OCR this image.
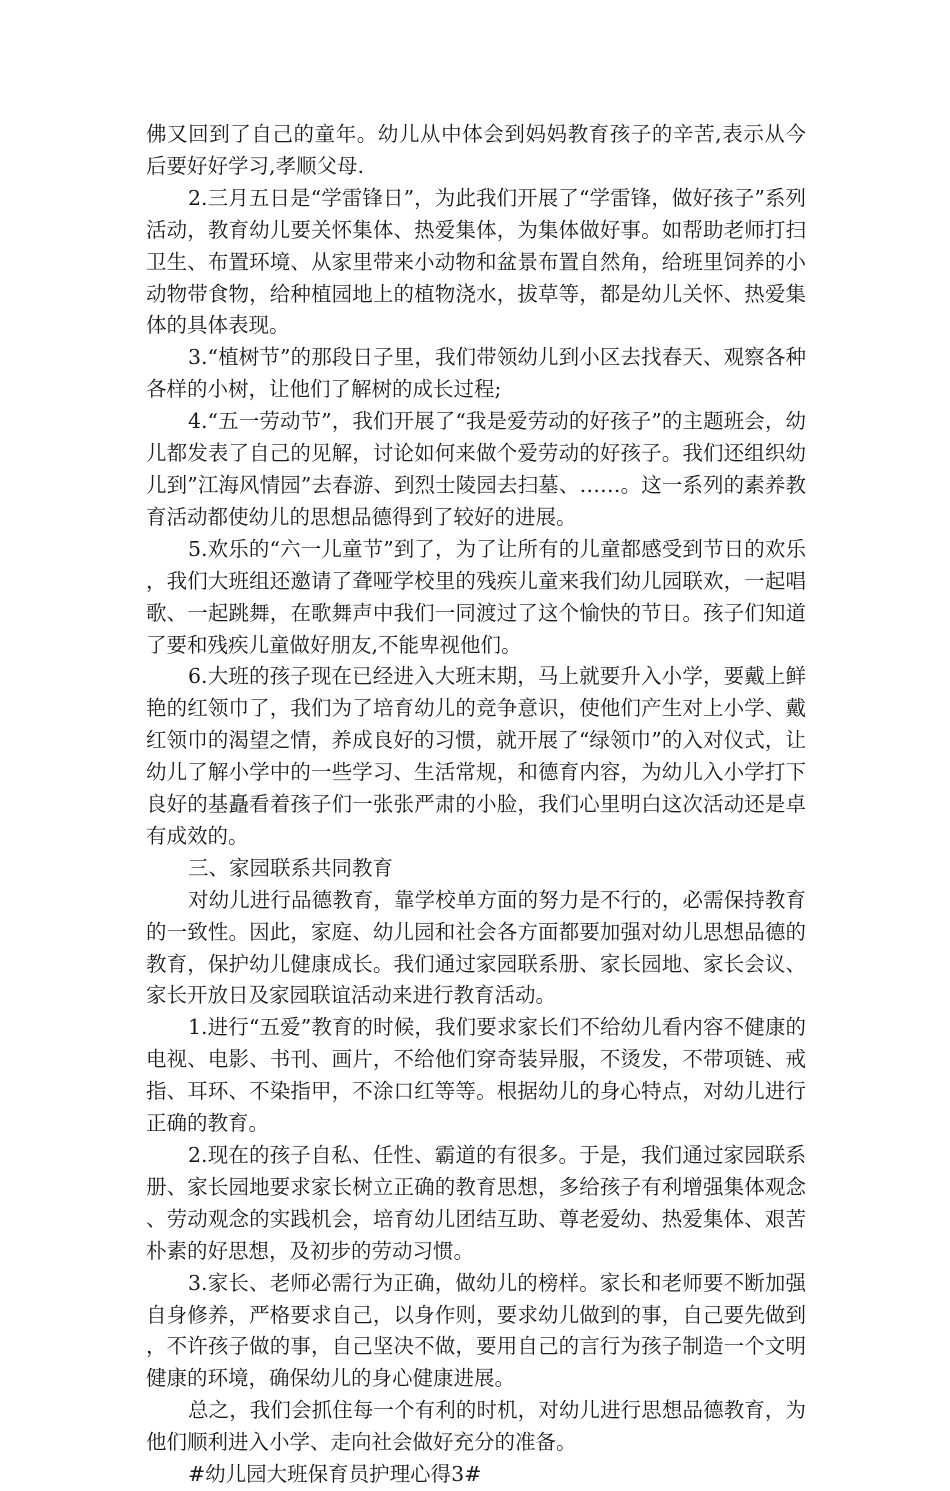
佛又回到了自己的童年。幼儿从中体会到妈妈教育孩子的辛苦,表示从今后要好好学习,孝顺父母.

2.三月五日是“学雷锋日”，为此我们开展了“学雷锋，做好孩子”系列活动，教育幼儿要关怀集体、热爱集体，为集体做好事。如帮助老师打扫卫生、布置环境、从家里带来小动物和盆景布置自然角，给班里饲养的小动物带食物，给种植园地上的植物浇水，拔草等，都是幼儿关怀、热爱集体的具体表现。

3.“植树节”的那段日子里，我们带领幼儿到小区去找春天、观察各种各样的小树，让他们了解树的成长过程;

4.“五一劳动节”，我们开展了“我是爱劳动的好孩子”的主题班会，幼儿都发表了自己的见解，讨论如何来做个爱劳动的好孩子。我们还组织幼儿到”江海风情园”去春游、到烈士陵园去扫墓、……。这一系列的素养教育活动都使幼儿的思想品德得到了较好的进展。

5.欢乐的“六一儿童节”到了，为了让所有的儿童都感受到节日的欢乐，我们大班组还邀请了聋哑学校里的残疾儿童来我们幼儿园联欢，一起唱歌、一起跳舞，在歌舞声中我们一同渡过了这个愉快的节日。孩子们知道了要和残疾儿童做好朋友,不能卑视他们。

6.大班的孩子现在已经进入大班末期，马上就要升入小学，要戴上鲜艳的红领巾了，我们为了培育幼儿的竞争意识，使他们产生对上小学、戴红领巾的渴望之情，养成良好的习惯，就开展了“绿领巾”的入对仪式，让幼儿了解小学中的一些学习、生活常规，和德育内容，为幼儿入小学打下良好的基矗看着孩子们一张张严肃的小脸，我们心里明白这次活动还是卓有成效的。

三、家园联系共同教育

对幼儿进行品德教育，靠学校单方面的努力是不行的，必需保持教育的一致性。因此，家庭、幼儿园和社会各方面都要加强对幼儿思想品德的教育，保护幼儿健康成长。我们通过家园联系册、家长园地、家长会议、家长开放日及家园联谊活动来进行教育活动。

1.进行“五爱”教育的时候，我们要求家长们不给幼儿看内容不健康的电视、电影、书刊、画片，不给他们穿奇装异服，不烫发，不带项链、戒指、耳环、不染指甲，不涂口红等等。根据幼儿的身心特点，对幼儿进行正确的教育。

2.现在的孩子自私、任性、霸道的有很多。于是，我们通过家园联系册、家长园地要求家长树立正确的教育思想，多给孩子有利增强集体观念、劳动观念的实践机会，培育幼儿团结互助、尊老爱幼、热爱集体、艰苦朴素的好思想，及初步的劳动习惯。

3.家长、老师必需行为正确，做幼儿的榜样。家长和老师要不断加强自身修养，严格要求自己，以身作则，要求幼儿做到的事，自己要先做到，不许孩子做的事，自己坚决不做，要用自己的言行为孩子制造一个文明健康的环境，确保幼儿的身心健康进展。

总之，我们会抓住每一个有利的时机，对幼儿进行思想品德教育，为他们顺利进入小学、走向社会做好充分的准备。

#幼儿园大班保育员护理心得3#
